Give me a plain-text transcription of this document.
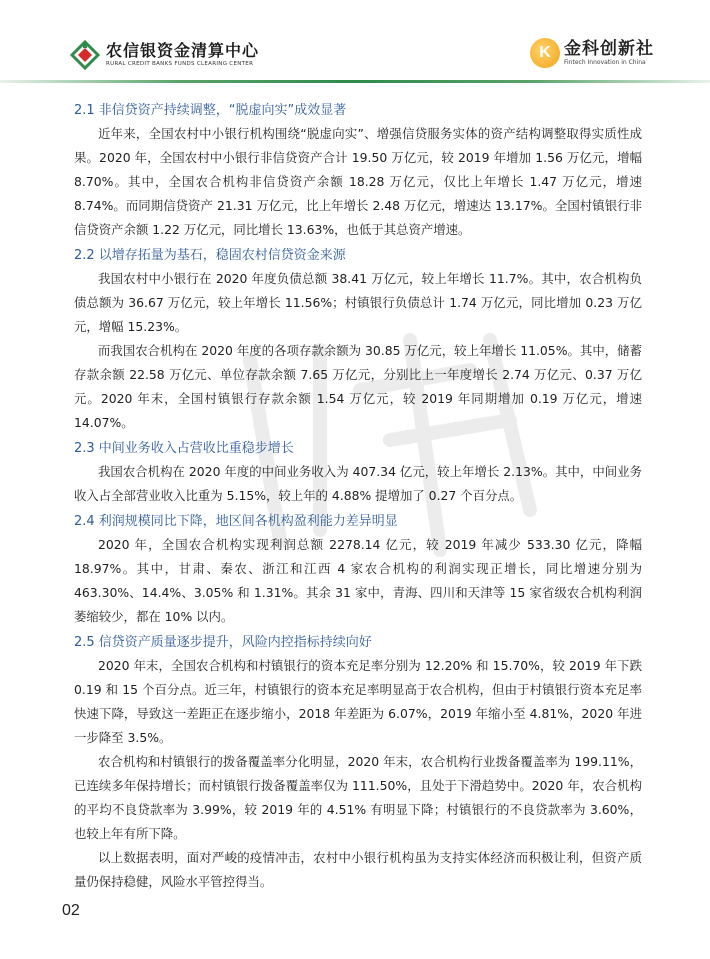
农信银资金清算中心
RURAL CREDIT BANKS FUNDS CLEARING CENTER
K 金科创新社
Fintech Innovation in China
2.1 非信贷资产持续调整，“脱虚向实”成效显著

近年来，全国农村中小银行机构围绕“脱虚向实”、增强信贷服务实体的资产结构调整取得实质性成果。2020 年，全国农村中小银行非信贷资产合计 19.50 万亿元，较 2019 年增加 1.56 万亿元，增幅 8.70%。其中，全国农合机构非信贷资产余额 18.28 万亿元，仅比上年增长 1.47 万亿元，增速 8.74%。而同期信贷资产 21.31 万亿元，比上年增长 2.48 万亿元，增速达 13.17%。全国村镇银行非信贷资产余额 1.22 万亿元，同比增长 13.63%，也低于其总资产增速。

2.2 以增存拓量为基石，稳固农村信贷资金来源

我国农村中小银行在 2020 年度负债总额 38.41 万亿元，较上年增长 11.7%。其中，农合机构负债总额为 36.67 万亿元，较上年增长 11.56%；村镇银行负债总计 1.74 万亿元，同比增加 0.23 万亿元，增幅 15.23%。

而我国农合机构在 2020 年度的各项存款余额为 30.85 万亿元，较上年增长 11.05%。其中，储蓄存款余额 22.58 万亿元、单位存款余额 7.65 万亿元，分别比上一年度增长 2.74 万亿元、0.37 万亿元。2020 年末，全国村镇银行存款余额 1.54 万亿元，较 2019 年同期增加 0.19 万亿元，增速 14.07%。

2.3 中间业务收入占营收比重稳步增长

我国农合机构在 2020 年度的中间业务收入为 407.34 亿元，较上年增长 2.13%。其中，中间业务收入占全部营业收入比重为 5.15%，较上年的 4.88% 提增加了 0.27 个百分点。

2.4 利润规模同比下降，地区间各机构盈利能力差异明显

2020 年，全国农合机构实现利润总额 2278.14 亿元，较 2019 年减少 533.30 亿元，降幅 18.97%。其中，甘肃、秦农、浙江和江西 4 家农合机构的利润实现正增长，同比增速分别为 463.30%、14.4%、3.05% 和 1.31%。其余 31 家中，青海、四川和天津等 15 家省级农合机构利润萎缩较少，都在 10% 以内。

2.5 信贷资产质量逐步提升，风险内控指标持续向好

2020 年末，全国农合机构和村镇银行的资本充足率分别为 12.20% 和 15.70%，较 2019 年下跌 0.19 和 15 个百分点。近三年，村镇银行的资本充足率明显高于农合机构，但由于村镇银行资本充足率快速下降，导致这一差距正在逐步缩小，2018 年差距为 6.07%，2019 年缩小至 4.81%，2020 年进一步降至 3.5%。

农合机构和村镇银行的拨备覆盖率分化明显，2020 年末，农合机构行业拨备覆盖率为 199.11%，已连续多年保持增长；而村镇银行拨备覆盖率仅为 111.50%，且处于下滑趋势中。2020 年，农合机构的平均不良贷款率为 3.99%，较 2019 年的 4.51% 有明显下降；村镇银行的不良贷款率为 3.60%，也较上年有所下降。

以上数据表明，面对严峻的疫情冲击，农村中小银行机构虽为支持实体经济而积极让利，但资产质量仍保持稳健，风险水平管控得当。

02
